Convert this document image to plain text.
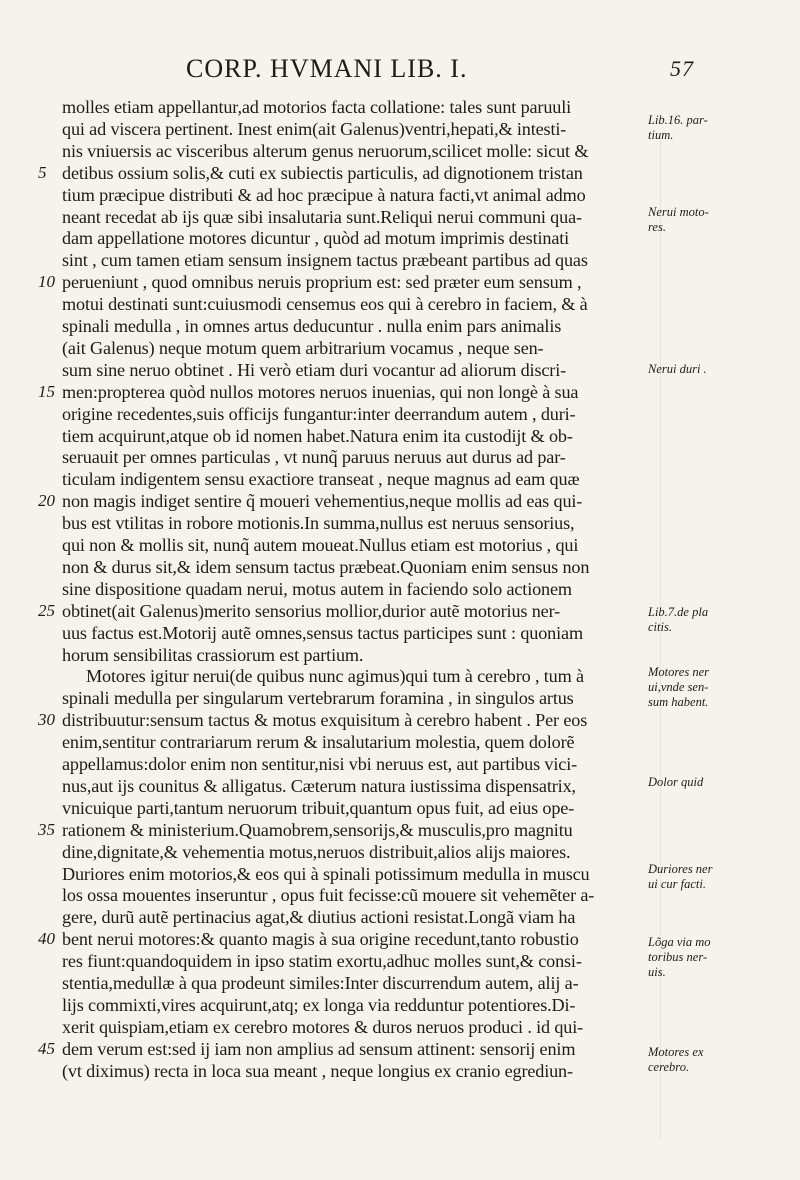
CORP. HVMANI LIB. I.	57
molles etiam appellantur,ad motorios facta collatione: tales sunt paruuli
qui ad viscera pertinent. Inest enim(ait Galenus)ventri,hepati,& intesti-
nis vniuersis ac visceribus alterum genus neruorum,scilicet molle: sicut &
detibus ossium solis,& cuti ex subiectis particulis, ad dignotionem tristan
tium præcipue distributi & ad hoc præcipue à natura facti,vt animal admo
neant recedat ab ijs quæ sibi insalutaria sunt.Reliqui nerui communi qua-
dam appellatione motores dicuntur , quòd ad motum imprimis destinati
sint , cum tamen etiam sensum insignem tactus præbeant partibus ad quas
perueniunt , quod omnibus neruis proprium est: sed præter eum sensum ,
motui destinati sunt:cuiusmodi censemus eos qui à cerebro in faciem, & à
spinali medulla , in omnes artus deducuntur . nulla enim pars animalis
(ait Galenus) neque motum quem arbitrarium vocamus , neque sen-
sum sine neruo obtinet . Hi verò etiam duri vocantur ad aliorum discri-
men:propterea quòd nullos motores neruos inuenias, qui non longè à sua
origine recedentes,suis officijs fungantur:inter deerrandum autem , duri-
tiem acquirunt,atque ob id nomen habet.Natura enim ita custodijt & ob-
seruauit per omnes particulas , vt nunq̃ paruus neruus aut durus ad par-
ticulam indigentem sensu exactiore transeat , neque magnus ad eam quæ
non magis indiget sentire q̃ moueri vehementius,neque mollis ad eas qui-
bus est vtilitas in robore motionis.In summa,nullus est neruus sensorius,
qui non & mollis sit, nunq̃ autem moueat.Nullus etiam est motorius , qui
non & durus sit,& idem sensum tactus præbeat.Quoniam enim sensus non
sine dispositione quadam nerui, motus autem in faciendo solo actionem
obtinet(ait Galenus)merito sensorius mollior,durior autẽ motorius ner-
uus factus est.Motorij autẽ omnes,sensus tactus participes sunt : quoniam
horum sensibilitas crassiorum est partium.
Motores igitur nerui(de quibus nunc agimus)qui tum à cerebro , tum à
spinali medulla per singularum vertebrarum foramina , in singulos artus
distribuutur:sensum tactus & motus exquisitum à cerebro habent . Per eos
enim,sentitur contrariarum rerum & insalutarium molestia, quem dolorẽ
appellamus:dolor enim non sentitur,nisi vbi neruus est, aut partibus vici-
nus,aut ijs counitus & alligatus. Cæterum natura iustissima dispensatrix,
vnicuique parti,tantum neruorum tribuit,quantum opus fuit, ad eius ope-
rationem & ministerium.Quamobrem,sensorijs,& musculis,pro magnitu
dine,dignitate,& vehementia motus,neruos distribuit,alios alijs maiores.
Duriores enim motorios,& eos qui à spinali potissimum medulla in muscu
los ossa mouentes inseruntur , opus fuit fecisse:cũ mouere sit vehemẽter a-
gere, durũ autẽ pertinacius agat,& diutius actioni resistat.Longã viam ha
bent nerui motores:& quanto magis à sua origine recedunt,tanto robustio
res fiunt:quandoquidem in ipso statim exortu,adhuc molles sunt,& consi-
stentia,medullæ à qua prodeunt similes:Inter discurrendum autem, alij a-
lijs commixti,vires acquirunt,atq; ex longa via redduntur potentiores.Di-
xerit quispiam,etiam ex cerebro motores & duros neruos produci . id qui-
dem verum est:sed ij iam non amplius ad sensum attinent: sensorij enim
(vt diximus) recta in loca sua meant , neque longius ex cranio egrediun-
5
10
15
20
25
30
35
40
45
Lib.16. par-
tium.
Nerui moto-
res.
Nerui duri .
Lib.7.de pla
citis.
Motores ner
ui,vnde sen-
sum habent.
Dolor quid
Duriores ner
ui cur facti.
Lõga via mo
toribus ner-
uis.
Motores ex
cerebro.
